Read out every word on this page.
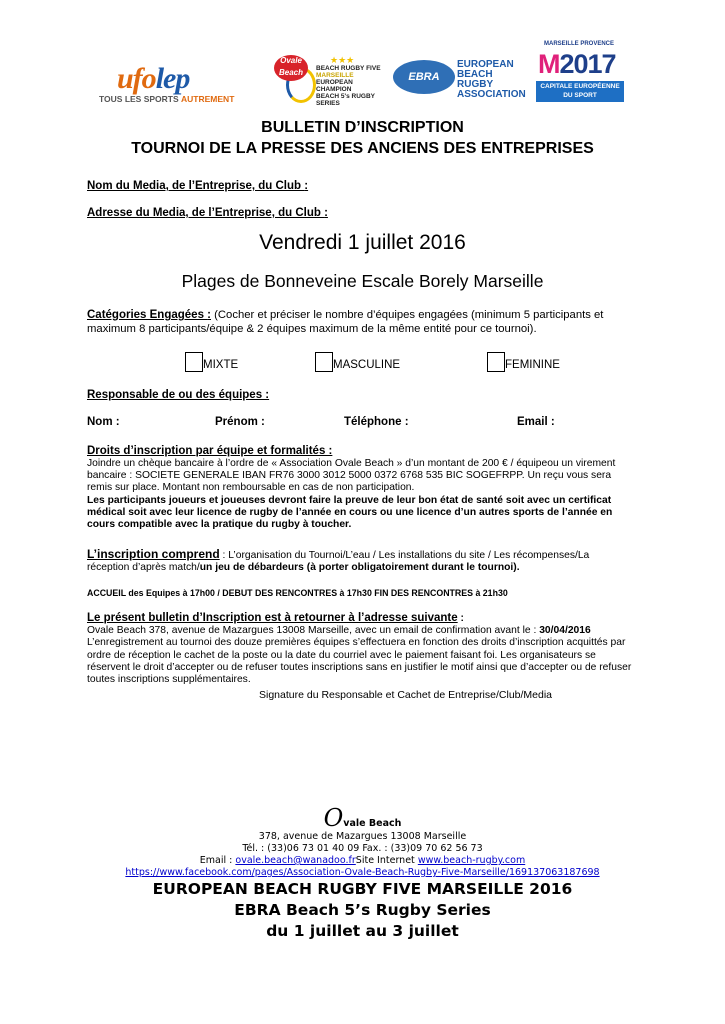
ufolep
TOUS LES SPORTS AUTREMENT
Ovale Beach
★★★
BEACH RUGBY FIVE
MARSEILLE
EUROPEAN CHAMPION
BEACH 5's RUGBY SERIES
EBRA
EUROPEAN
BEACH RUGBY
ASSOCIATION
MARSEILLE PROVENCE
M2017
CAPITALE EUROPÉENNE
DU SPORT
BULLETIN D’INSCRIPTION
TOURNOI DE LA PRESSE DES ANCIENS DES ENTREPRISES
Nom du Media, de l’Entreprise, du Club :
Adresse du Media, de l’Entreprise, du Club :
Vendredi 1 juillet 2016
Plages de Bonneveine Escale Borely Marseille
Catégories Engagées : (Cocher et préciser le nombre d’équipes engagées (minimum 5 participants et maximum 8 participants/équipe & 2 équipes maximum de la même entité pour ce tournoi).
MIXTE	MASCULINE	FEMININE
Responsable de ou des équipes :
Nom :	Prénom :	Téléphone :	Email :
Droits d’inscription par équipe et formalités :
Joindre un chèque bancaire à l’ordre de « Association Ovale Beach » d’un montant de 200 € / équipeou un virement bancaire : SOCIETE GENERALE IBAN FR76 3000 3012 5000 0372 6768 535 BIC SOGEFRPP. Un reçu vous sera remis sur place. Montant non remboursable en cas de non participation.
Les participants joueurs et joueuses devront faire la preuve de leur bon état de santé soit avec un certificat médical soit avec leur licence de rugby de l’année en cours ou une licence d’un autres sports de l’année en cours compatible avec la pratique du rugby à toucher.
L’inscription comprend : L’organisation du Tournoi/L’eau / Les installations du site / Les récompenses/La réception d’après match/un jeu de débardeurs (à porter obligatoirement durant le tournoi).
ACCUEIL des Equipes à 17h00 / DEBUT DES RENCONTRES à 17h30 FIN DES RENCONTRES à 21h30
Le présent bulletin d’Inscription est à retourner à l’adresse suivante :
Ovale Beach 378, avenue de Mazargues 13008 Marseille, avec un email de confirmation avant le : 30/04/2016
L’enregistrement au tournoi des douze premières équipes s’effectuera en fonction des droits d’inscription acquittés par ordre de réception le cachet de la poste ou la date du courriel avec le paiement faisant foi. Les organisateurs se réservent le droit d’accepter ou de refuser toutes inscriptions sans en justifier le motif ainsi que d’accepter ou de refuser toutes inscriptions supplémentaires.
Signature du Responsable et Cachet de Entreprise/Club/Media
Ovale Beach
378, avenue de Mazargues 13008 Marseille
Tél. : (33)06 73 01 40 09 Fax. : (33)09 70 62 56 73
Email : ovale.beach@wanadoo.frSite Internet www.beach-rugby.com
https://www.facebook.com/pages/Association-Ovale-Beach-Rugby-Five-Marseille/169137063187698
EUROPEAN BEACH RUGBY FIVE MARSEILLE 2016
EBRA Beach 5’s Rugby Series
du 1 juillet au 3 juillet
